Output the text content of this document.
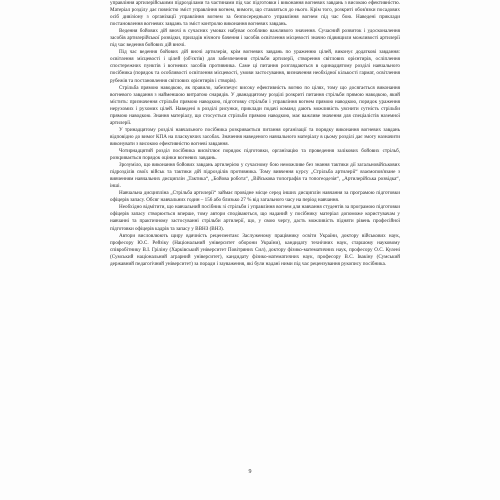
управління артилерійськими підрозділами та частинами під час підготовки і виконання вогневих завдань з високою ефективністю. Матеріал розділу дає повністю зміст управління вогнем, вимоги, що ставляться до нього. Крім того, розкриті обов'язки посадових осіб дивізіону з організації управління вогнем за безпосереднього управління вогнем під час бою. Наведені приклади постановлення вогневих завдань та зміст контролю виконання вогневих завдань.

Ведення бойових дій вночі в сучасних умовах набуває особливо важливого значення. Сучасний розвиток і удосконалення засобів артилерійської розвідки, приладів нічного бачення і засобів освітлення місцевості значно підвищили можливості артилерії під час ведення бойових дій вночі.

Під час ведення бойових дій вночі артилерія, крім вогневих завдань по ураженню цілей, виконує додаткові завдання: освітлення місцевості і цілей (об'єктів) для забезпечення стрільби артилерії, створення світлових орієнтирів, осліплення спостережних пунктів і вогневих засобів противника. Саме ці питання розглядаються в одинадцятому розділі навчального посібника (порядок та особливості освітлення місцевості, умови застосування, визначення необхідної кількості гармат, освітлення рубежів та постановлення світлових орієнтирів і створів).

Стрільба прямою наводкою, як правило, забезпечує високу ефективність вогню по цілях, тому що досягається виконання вогневого завдання з найменшою витратою снарядів. У дванадцятому розділі розкриті питання стрільби прямою наводкою, який містить: призначення стрільби прямою наводкою, підготовку стрільби і управління вогнем прямою наводкою, порядок ураження нерухомих і рухомих цілей. Наведені в розділі рисунки, приклади подачі команд дають можливість уяснити сутність стрільби прямою наводкою. Знання матеріалу, що стосується стрільби прямою наводкою, має важливе значення для спеціалістів наземної артилерії.

У тринадцятому розділі навчального посібника розкривається питання організації та порядку виконання вогневих завдань відповідно до вимог КПА на пласкуючих засобах. Значення наведеного навчального матеріалу в цьому розділі дає змогу назначити виконувати з високою ефективністю вогневі завдання.

Чотирнадцятий розділ посібника висвітлює порядок підготовки, організацію та проведення залікових бойових стрільб, розкривається порядок оцінки вогневих завдань.

Зрозуміло, що виконання бойових завдань артилерією у сучасному бою неможливе без знання тактики дії загальновійськових підрозділів своїх військ та тактики дій підрозділів противника. Тому вивчення курсу „Стрільба артилерії“ взаємопов'язане з вивченням навчальних дисциплін „Тактика“, „Бойова робота“, „Військова топографія та топогеодезія“, „Артилерійська розвідка“, інші.

Навчальна дисципліна „Стрільба артилерії“ займає провідне місце серед інших дисциплін навчання за програмою підготовки офіцерів запасу. Обсяг навчальних годин – 156 або близько 27 % від загального часу на період навчання.

Необхідно відмітити, що навчальний посібник зі стрільби і управління вогнем для навчання студентів за програмою підготовки офіцерів запасу створюється вперше, тому автори сподіваються, що наданий у посібнику матеріал допоможе користувачам у навчанні та практичному застосуванні стрільби артилерії, що, у свою чергу, дасть можливість підняти рівень професійної підготовки офіцерів кадрів та запасу у ВВНЗ (ВНЗ).

Автори висловлюють щиру вдячність рецензентам: Заслуженому працівнику освіти України, доктору військових наук, професору Ю.С. Рейзіку (Національний університет оборони України), кандидату технічних наук, старшому науковому співробітнику В.І. Гріліну (Харківський університет Повітряних Сил), доктору фізико-математичних наук, професору О.С. Кулені (Сумський національний аграрний університет), кандидату фізико-математичних наук, професору В.С. Івакіну (Сумський державний педагогічний університет) за поради і зауваження, які були надані ними під час рецензування рукопису посібника.

9
